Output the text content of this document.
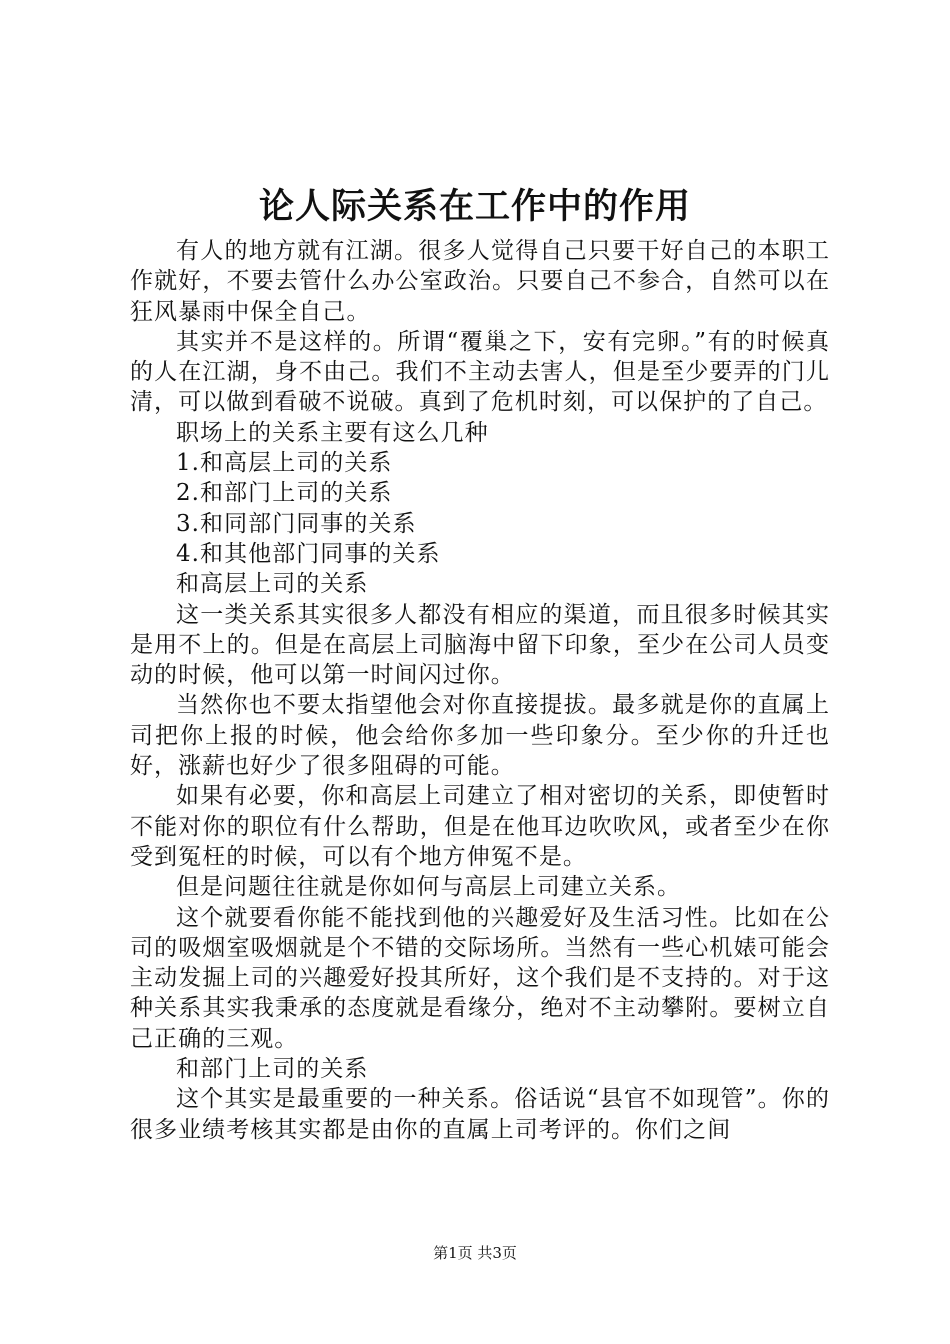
论人际关系在工作中的作用

有人的地方就有江湖。很多人觉得自己只要干好自己的本职工作就好，不要去管什么办公室政治。只要自己不参合，自然可以在狂风暴雨中保全自己。

其实并不是这样的。所谓“覆巢之下，安有完卵。”有的时候真的人在江湖，身不由己。我们不主动去害人，但是至少要弄的门儿清，可以做到看破不说破。真到了危机时刻，可以保护的了自己。

职场上的关系主要有这么几种

1.和高层上司的关系

2.和部门上司的关系

3.和同部门同事的关系

4.和其他部门同事的关系

和高层上司的关系

这一类关系其实很多人都没有相应的渠道，而且很多时候其实是用不上的。但是在高层上司脑海中留下印象，至少在公司人员变动的时候，他可以第一时间闪过你。

当然你也不要太指望他会对你直接提拔。最多就是你的直属上司把你上报的时候，他会给你多加一些印象分。至少你的升迁也好，涨薪也好少了很多阻碍的可能。

如果有必要，你和高层上司建立了相对密切的关系，即使暂时不能对你的职位有什么帮助，但是在他耳边吹吹风，或者至少在你受到冤枉的时候，可以有个地方伸冤不是。

但是问题往往就是你如何与高层上司建立关系。

这个就要看你能不能找到他的兴趣爱好及生活习性。比如在公司的吸烟室吸烟就是个不错的交际场所。当然有一些心机婊可能会主动发掘上司的兴趣爱好投其所好，这个我们是不支持的。对于这种关系其实我秉承的态度就是看缘分，绝对不主动攀附。要树立自己正确的三观。

和部门上司的关系

这个其实是最重要的一种关系。俗话说“县官不如现管”。你的很多业绩考核其实都是由你的直属上司考评的。你们之间

第1页 共3页
